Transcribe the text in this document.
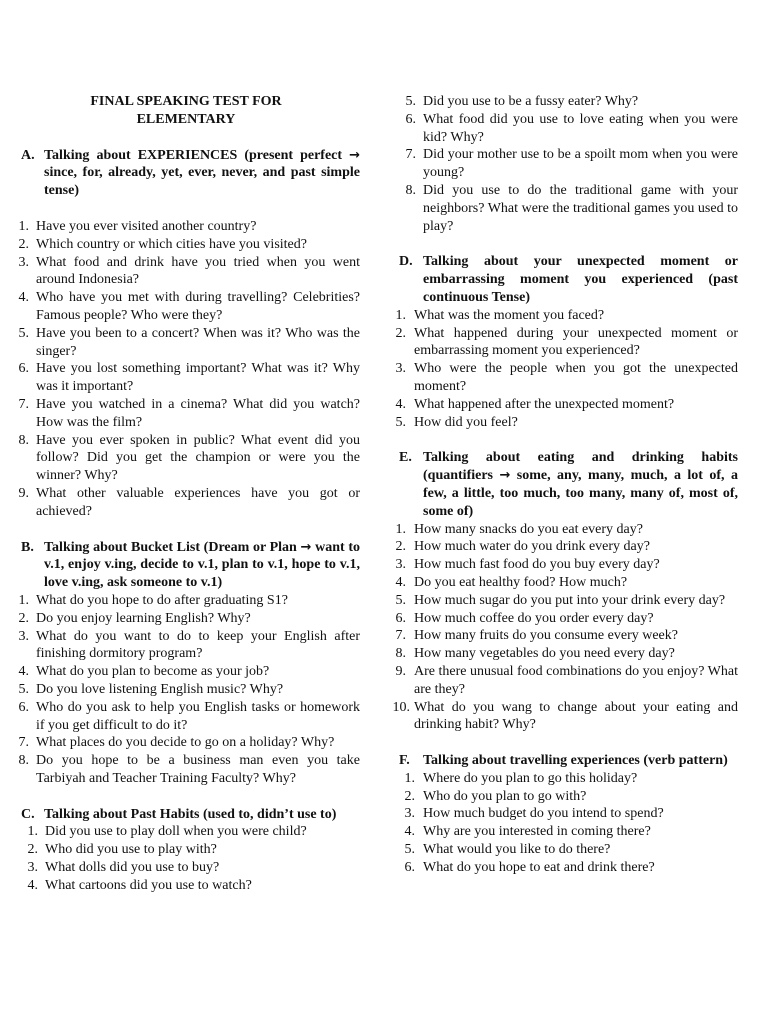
FINAL SPEAKING TEST FOR
ELEMENTARY
A. Talking about EXPERIENCES (present perfect → since, for, already, yet, ever, never, and past simple tense)
1. Have you ever visited another country?
2. Which country or which cities have you visited?
3. What food and drink have you tried when you went around Indonesia?
4. Who have you met with during travelling? Celebrities? Famous people? Who were they?
5. Have you been to a concert? When was it? Who was the singer?
6. Have you lost something important? What was it? Why was it important?
7. Have you watched in a cinema? What did you watch? How was the film?
8. Have you ever spoken in public? What event did you follow? Did you get the champion or were you the winner? Why?
9. What other valuable experiences have you got or achieved?
B. Talking about Bucket List (Dream or Plan → want to v.1, enjoy v.ing, decide to v.1, plan to v.1, hope to v.1, love v.ing, ask someone to v.1)
1. What do you hope to do after graduating S1?
2. Do you enjoy learning English? Why?
3. What do you want to do to keep your English after finishing dormitory program?
4. What do you plan to become as your job?
5. Do you love listening English music? Why?
6. Who do you ask to help you English tasks or homework if you get difficult to do it?
7. What places do you decide to go on a holiday? Why?
8. Do you hope to be a business man even you take Tarbiyah and Teacher Training Faculty? Why?
C. Talking about Past Habits (used to, didn’t use to)
1. Did you use to play doll when you were child?
2. Who did you use to play with?
3. What dolls did you use to buy?
4. What cartoons did you use to watch?
5. Did you use to be a fussy eater? Why?
6. What food did you use to love eating when you were kid? Why?
7. Did your mother use to be a spoilt mom when you were young?
8. Did you use to do the traditional game with your neighbors? What were the traditional games you used to play?
D. Talking about your unexpected moment or embarrassing moment you experienced (past continuous Tense)
1. What was the moment you faced?
2. What happened during your unexpected moment or embarrassing moment you experienced?
3. Who were the people when you got the unexpected moment?
4. What happened after the unexpected moment?
5. How did you feel?
E. Talking about eating and drinking habits (quantifiers → some, any, many, much, a lot of, a few, a little, too much, too many, many of, most of, some of)
1. How many snacks do you eat every day?
2. How much water do you drink every day?
3. How much fast food do you buy every day?
4. Do you eat healthy food? How much?
5. How much sugar do you put into your drink every day?
6. How much coffee do you order every day?
7. How many fruits do you consume every week?
8. How many vegetables do you need every day?
9. Are there unusual food combinations do you enjoy? What are they?
10. What do you wang to change about your eating and drinking habit? Why?
F. Talking about travelling experiences (verb pattern)
1. Where do you plan to go this holiday?
2. Who do you plan to go with?
3. How much budget do you intend to spend?
4. Why are you interested in coming there?
5. What would you like to do there?
6. What do you hope to eat and drink there?
